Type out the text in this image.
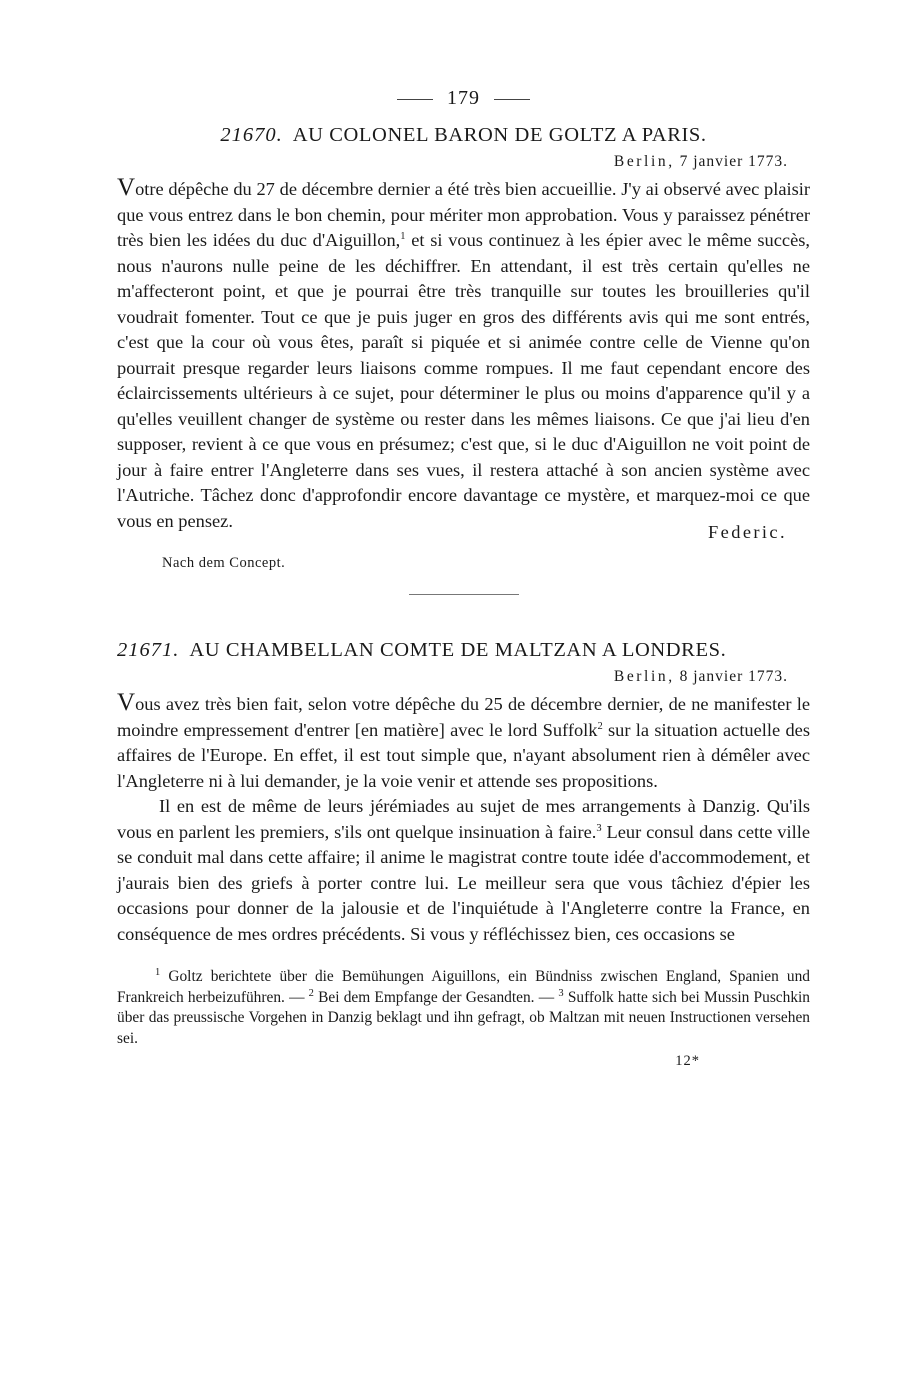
179
21670. AU COLONEL BARON DE GOLTZ A PARIS.
Berlin, 7 janvier 1773.

Votre dépêche du 27 de décembre dernier a été très bien accueillie. J'y ai observé avec plaisir que vous entrez dans le bon chemin, pour mériter mon approbation. Vous y paraissez pénétrer très bien les idées du duc d'Aiguillon,$^1$ et si vous continuez à les épier avec le même succès, nous n'aurons nulle peine de les déchiffrer. En attendant, il est très certain qu'elles ne m'affecteront point, et que je pourrai être très tranquille sur toutes les brouilleries qu'il voudrait fomenter. Tout ce que je puis juger en gros des différents avis qui me sont entrés, c'est que la cour où vous êtes, paraît si piquée et si animée contre celle de Vienne qu'on pourrait presque regarder leurs liaisons comme rompues. Il me faut cependant encore des éclaircissements ultérieurs à ce sujet, pour déterminer le plus ou moins d'apparence qu'il y a qu'elles veuillent changer de système ou rester dans les mêmes liaisons. Ce que j'ai lieu d'en supposer, revient à ce que vous en présumez; c'est que, si le duc d'Aiguillon ne voit point de jour à faire entrer l'Angleterre dans ses vues, il restera attaché à son ancien système avec l'Autriche. Tâchez donc d'approfondir encore davantage ce mystère, et marquez-moi ce que vous en pensez.

Federic.
Nach dem Concept.
21671. AU CHAMBELLAN COMTE DE MALTZAN A LONDRES.
Berlin, 8 janvier 1773.

Vous avez très bien fait, selon votre dépêche du 25 de décembre dernier, de ne manifester le moindre empressement d'entrer [en matière] avec le lord Suffolk$^2$ sur la situation actuelle des affaires de l'Europe. En effet, il est tout simple que, n'ayant absolument rien à démêler avec l'Angleterre ni à lui demander, je la voie venir et attende ses propositions.

Il en est de même de leurs jérémiades au sujet de mes arrangements à Danzig. Qu'ils vous en parlent les premiers, s'ils ont quelque insinuation à faire.$^3$ Leur consul dans cette ville se conduit mal dans cette affaire; il anime le magistrat contre toute idée d'accommodement, et j'aurais bien des griefs à porter contre lui. Le meilleur sera que vous tâchiez d'épier les occasions pour donner de la jalousie et de l'inquiétude à l'Angleterre contre la France, en conséquence de mes ordres précédents. Si vous y réfléchissez bien, ces occasions se

$^1$ Goltz berichtete über die Bemühungen Aiguillons, ein Bündniss zwischen England, Spanien und Frankreich herbeizuführen. — $^2$ Bei dem Empfange der Gesandten. — $^3$ Suffolk hatte sich bei Mussin Puschkin über das preussische Vorgehen in Danzig beklagt und ihn gefragt, ob Maltzan mit neuen Instructionen versehen sei.

12*
